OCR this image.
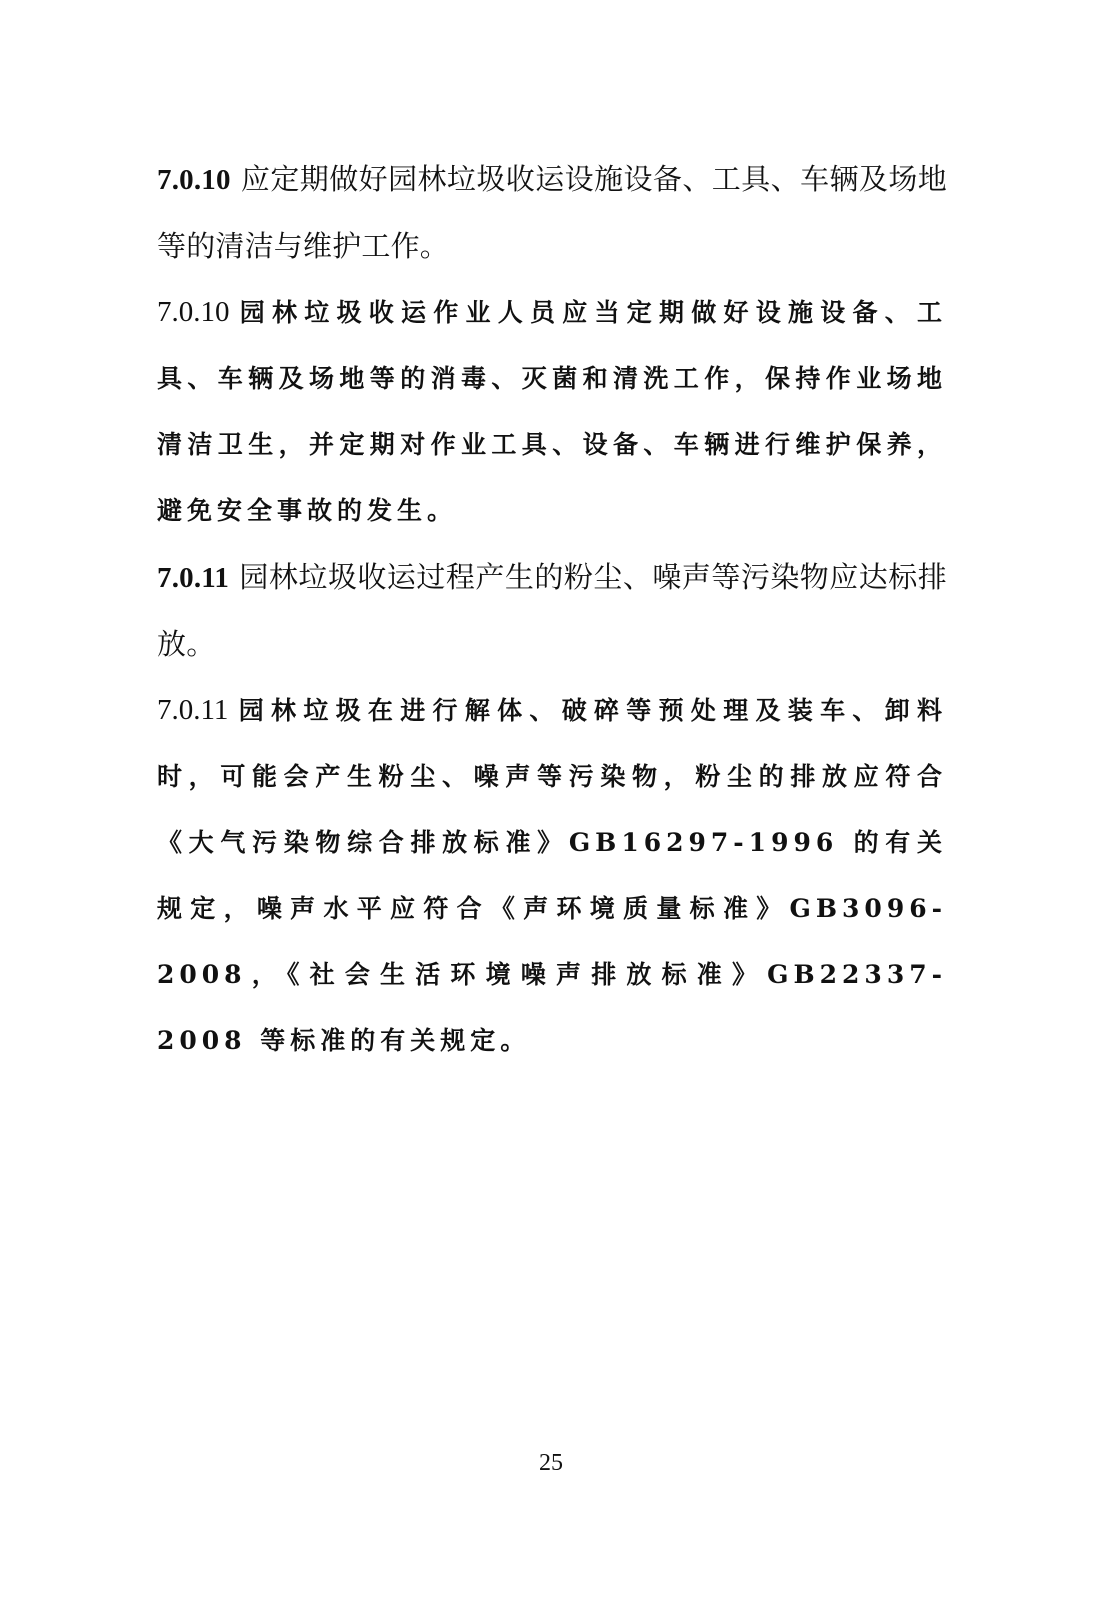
7.0.10 应定期做好园林垃圾收运设施设备、工具、车辆及场地等的清洁与维护工作。

7.0.10 园林垃圾收运作业人员应当定期做好设施设备、工具、车辆及场地等的消毒、灭菌和清洗工作，保持作业场地清洁卫生，并定期对作业工具、设备、车辆进行维护保养，避免安全事故的发生。

7.0.11 园林垃圾收运过程产生的粉尘、噪声等污染物应达标排放。

7.0.11 园林垃圾在进行解体、破碎等预处理及装车、卸料时，可能会产生粉尘、噪声等污染物，粉尘的排放应符合《大气污染物综合排放标准》GB16297-1996 的有关规定，噪声水平应符合《声环境质量标准》GB3096-2008，《社会生活环境噪声排放标准》GB22337-2008 等标准的有关规定。

25
